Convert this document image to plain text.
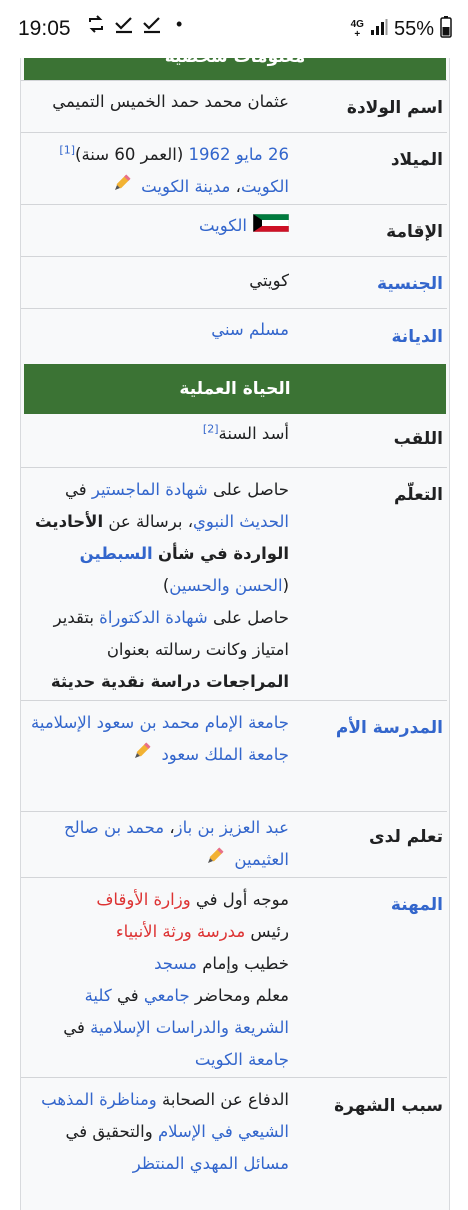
اسم الولادة
عثمان محمد حمد الخميس التميمي
الميلاد
26 مايو 1962 (العمر 60 سنة)[1]
الكويت، مدينة الكويت
الإقامة
الكويت
الجنسية
كويتي
الديانة
مسلم سني
الحياة العملية
اللقب
أسد السنة[2]
التعلّم
حاصل على شهادة الماجستير في الحديث النبوي، برسالة عن الأحاديث الواردة في شأن السبطين (الحسن والحسين)
حاصل على شهادة الدكتوراة بتقدير امتياز وكانت رسالته بعنوان المراجعات دراسة نقدية حديثة
المدرسة الأم
جامعة الإمام محمد بن سعود الإسلامية
جامعة الملك سعود
تعلم لدى
عبد العزيز بن باز، محمد بن صالح العثيمين
المهنة
موجه أول في وزارة الأوقاف
رئيس مدرسة ورثة الأنبياء
خطيب وإمام مسجد
معلم ومحاضر جامعي في كلية الشريعة والدراسات الإسلامية في جامعة الكويت
سبب الشهرة
الدفاع عن الصحابة ومناظرة المذهب الشيعي في الإسلام والتحقيق في مسائل المهدي المنتظر
19:05	•	4G
+ 55%
